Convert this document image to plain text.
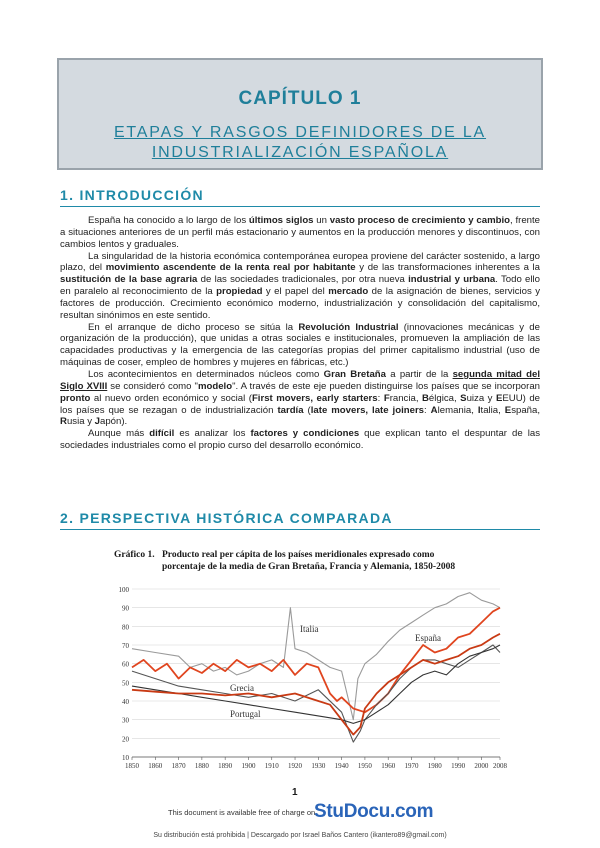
CAPÍTULO 1
ETAPAS Y RASGOS DEFINIDORES DE LA
INDUSTRIALIZACIÓN ESPAÑOLA
1. INTRODUCCIÓN

España ha conocido a lo largo de los últimos siglos un vasto proceso de crecimiento y cambio, frente a situaciones anteriores de un perfil más estacionario y aumentos en la producción menores y discontinuos, con cambios lentos y graduales.

La singularidad de la historia económica contemporánea europea proviene del carácter sostenido, a largo plazo, del movimiento ascendente de la renta real por habitante y de las transformaciones inherentes a la sustitución de la base agraria de las sociedades tradicionales, por otra nueva industrial y urbana. Todo ello en paralelo al reconocimiento de la propiedad y el papel del mercado de la asignación de bienes, servicios y factores de producción. Crecimiento económico moderno, industrialización y consolidación del capitalismo, resultan sinónimos en este sentido.

En el arranque de dicho proceso se sitúa la Revolución Industrial (innovaciones mecánicas y de organización de la producción), que unidas a otras sociales e institucionales, promueven la ampliación de las capacidades productivas y la emergencia de las categorías propias del primer capitalismo industrial (uso de máquinas de coser, empleo de hombres y mujeres en fábricas, etc.)

Los acontecimientos en determinados núcleos como Gran Bretaña a partir de la segunda mitad del Siglo XVIII se consideró como "modelo". A través de este eje pueden distinguirse los países que se incorporan pronto al nuevo orden económico y social (First movers, early starters: Francia, Bélgica, Suiza y EEUU) de los países que se rezagan o de industrialización tardía (late movers, late joiners: Alemania, Italia, España, Rusia y Japón).

Aunque más difícil es analizar los factores y condiciones que explican tanto el despuntar de las sociedades industriales como el propio curso del desarrollo económico.

2. PERSPECTIVA HISTÓRICA COMPARADA
Gráfico 1. Producto real per cápita de los países meridionales expresado como
porcentaje de la media de Gran Bretaña, Francia y Alemania, 1850-2008
10
20
30
40
50
60
70
80
90
100
1850 1860 1870 1880 1890 1900 1910 1920 1930 1940 1950 1960 1970 1980 1990 2000 2008
Italia
España
Grecia
Portugal
1
This document is available free of charge on
StuDocu.com
Su distribución está prohibida | Descargado por Israel Baños Cantero (ikantero89@gmail.com)
